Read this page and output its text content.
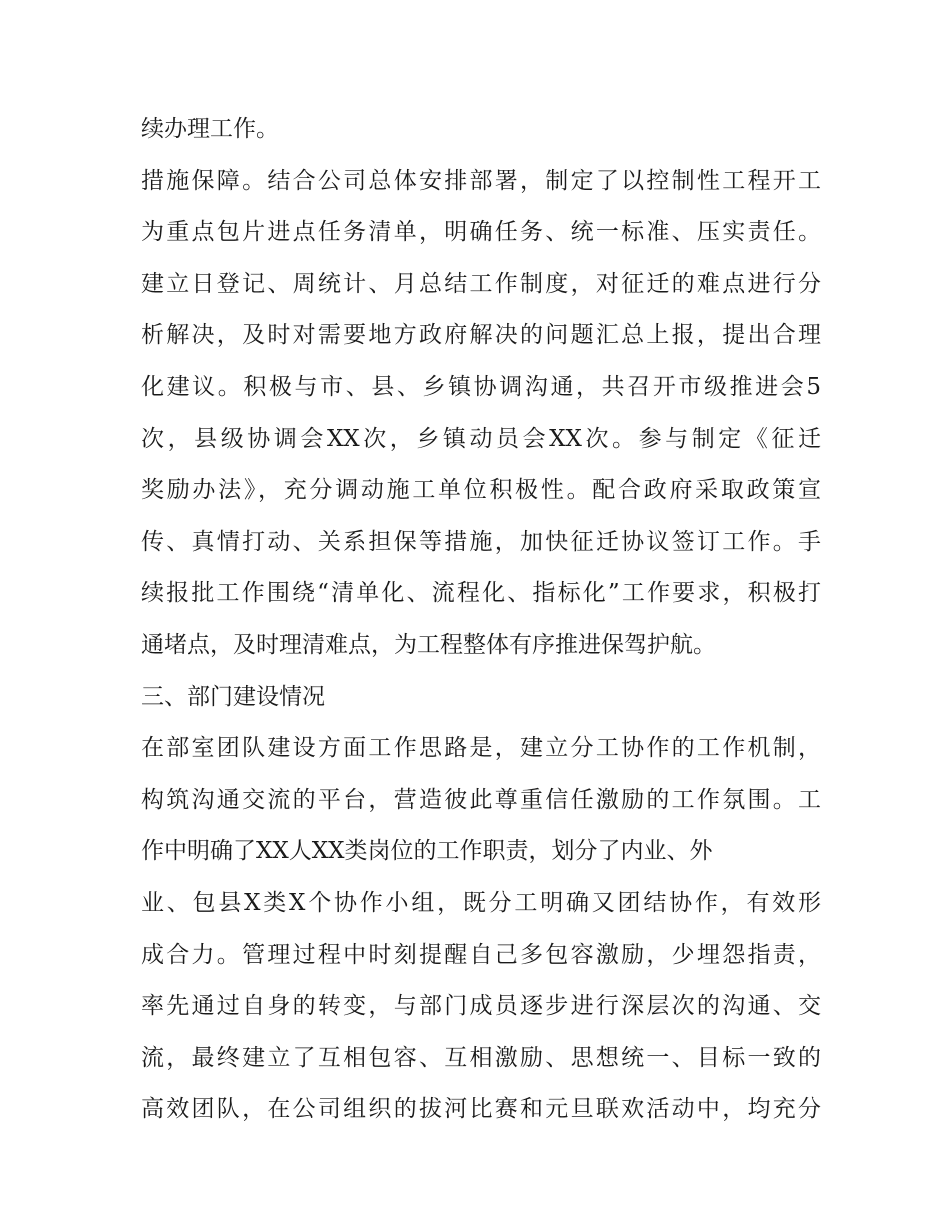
续办理工作。
措施保障。结合公司总体安排部署，制定了以控制性工程开工
为重点包片进点任务清单，明确任务、统一标准、压实责任。
建立日登记、周统计、月总结工作制度，对征迁的难点进行分
析解决，及时对需要地方政府解决的问题汇总上报，提出合理
化建议。积极与市、县、乡镇协调沟通，共召开市级推进会5
次，县级协调会XX次，乡镇动员会XX次。参与制定《征迁
奖励办法》，充分调动施工单位积极性。配合政府采取政策宣
传、真情打动、关系担保等措施，加快征迁协议签订工作。手
续报批工作围绕“清单化、流程化、指标化”工作要求，积极打
通堵点，及时理清难点，为工程整体有序推进保驾护航。
三、部门建设情况
在部室团队建设方面工作思路是，建立分工协作的工作机制，
构筑沟通交流的平台，营造彼此尊重信任激励的工作氛围。工
作中明确了XX人XX类岗位的工作职责，划分了内业、外
业、包县X类X个协作小组，既分工明确又团结协作，有效形
成合力。管理过程中时刻提醒自己多包容激励，少埋怨指责，
率先通过自身的转变，与部门成员逐步进行深层次的沟通、交
流，最终建立了互相包容、互相激励、思想统一、目标一致的
高效团队，在公司组织的拔河比赛和元旦联欢活动中，均充分
